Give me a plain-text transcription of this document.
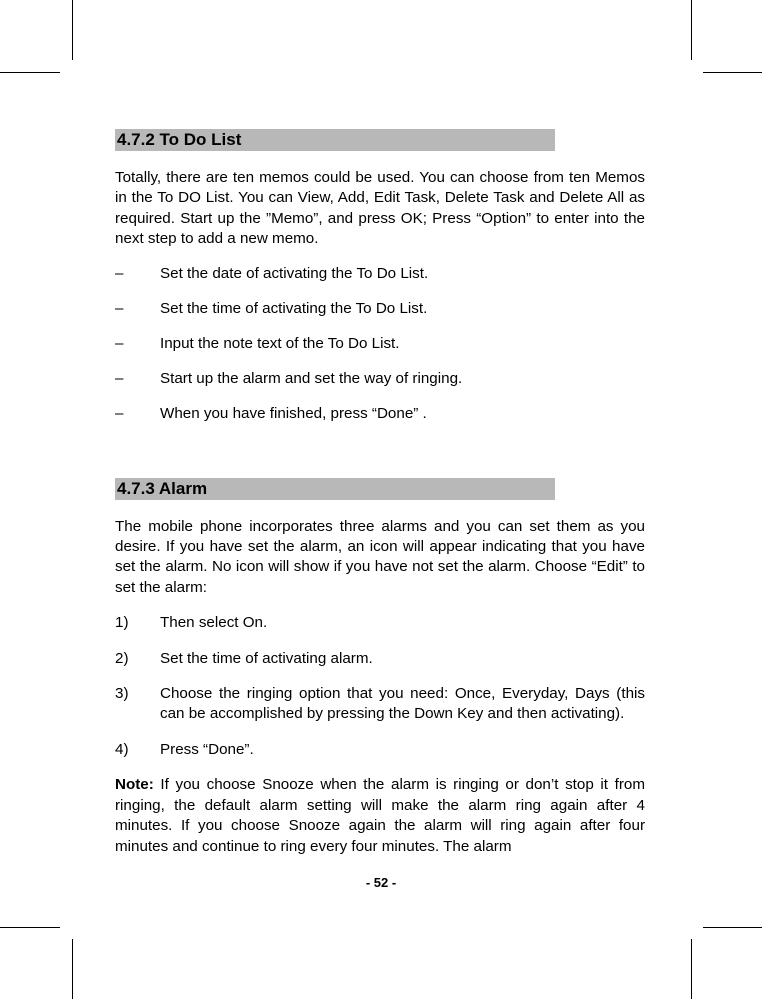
4.7.2 To Do List
Totally, there are ten memos could be used. You can choose from ten Memos in the To DO List. You can View, Add, Edit Task, Delete Task and Delete All as required. Start up the ”Memo”, and press OK; Press “Option” to enter into the next step to add a new memo.
– Set the date of activating the To Do List.
– Set the time of activating the To Do List.
– Input the note text of the To Do List.
– Start up the alarm and set the way of ringing.
– When you have finished, press “Done” .
4.7.3 Alarm
The mobile phone incorporates three alarms and you can set them as you desire. If you have set the alarm, an icon will appear indicating that you have set the alarm. No icon will show if you have not set the alarm. Choose “Edit” to set the alarm:
1) Then select On.
2) Set the time of activating alarm.
3) Choose the ringing option that you need: Once, Everyday, Days (this can be accomplished by pressing the Down Key and then activating).
4) Press “Done”.
Note: If you choose Snooze when the alarm is ringing or don’t stop it from ringing, the default alarm setting will make the alarm ring again after 4 minutes. If you choose Snooze again the alarm will ring again after four minutes and continue to ring every four minutes. The alarm
- 52 -
